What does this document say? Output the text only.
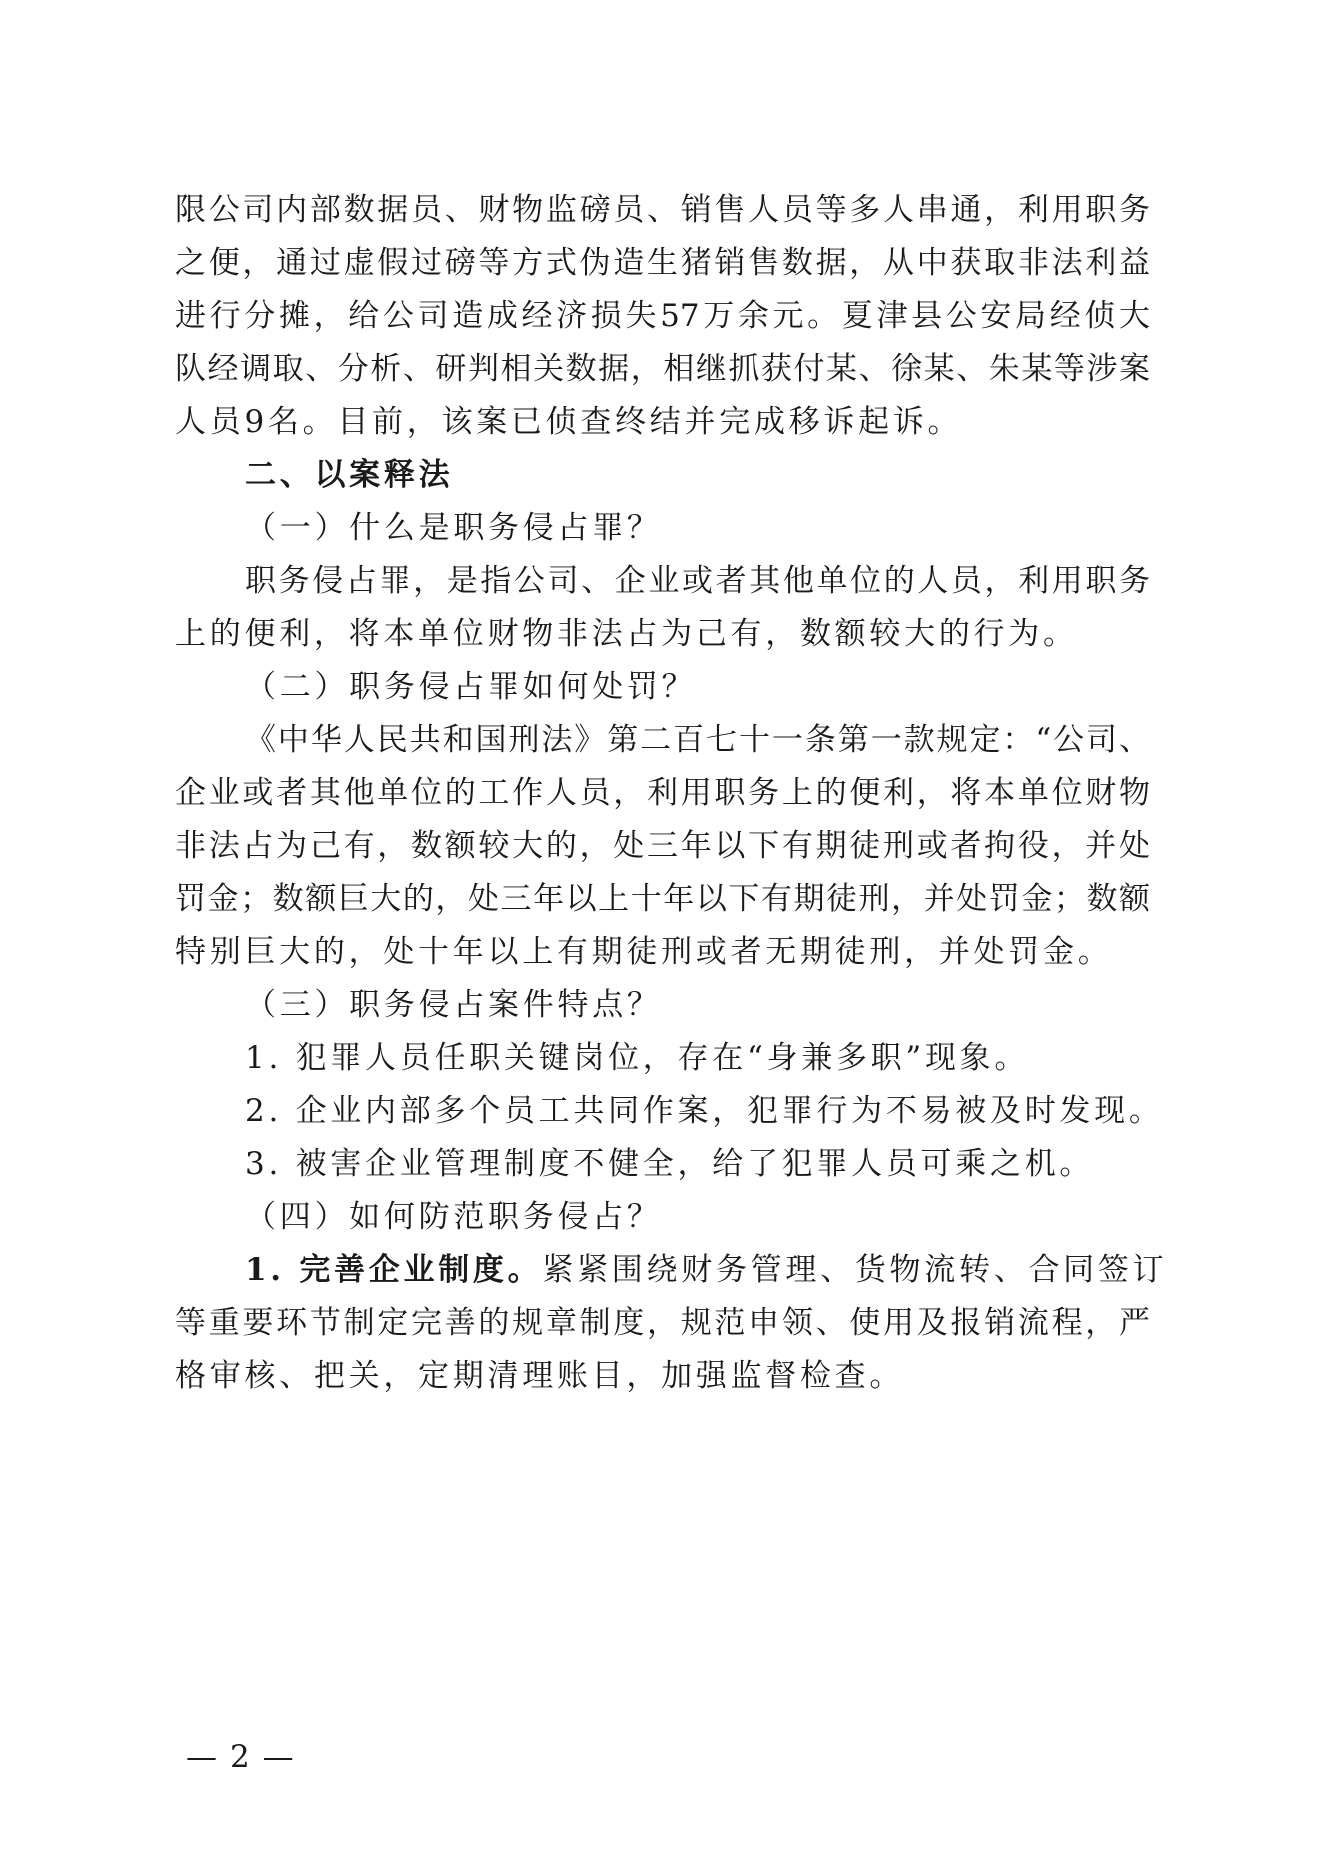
限公司内部数据员、财物监磅员、销售人员等多人串通，利用职务
之便，通过虚假过磅等方式伪造生猪销售数据，从中获取非法利益
进行分摊，给公司造成经济损失57万余元。夏津县公安局经侦大
队经调取、分析、研判相关数据，相继抓获付某、徐某、朱某等涉案
人员9名。目前，该案已侦查终结并完成移诉起诉。
二、以案释法
（一）什么是职务侵占罪？
职务侵占罪，是指公司、企业或者其他单位的人员，利用职务
上的便利，将本单位财物非法占为己有，数额较大的行为。
（二）职务侵占罪如何处罚？
《中华人民共和国刑法》第二百七十一条第一款规定：“公司、
企业或者其他单位的工作人员，利用职务上的便利，将本单位财物
非法占为己有，数额较大的，处三年以下有期徒刑或者拘役，并处
罚金；数额巨大的，处三年以上十年以下有期徒刑，并处罚金；数额
特别巨大的，处十年以上有期徒刑或者无期徒刑，并处罚金。
（三）职务侵占案件特点？
1. 犯罪人员任职关键岗位，存在“身兼多职”现象。
2. 企业内部多个员工共同作案，犯罪行为不易被及时发现。
3. 被害企业管理制度不健全，给了犯罪人员可乘之机。
（四）如何防范职务侵占？
1. 完善企业制度。紧紧围绕财务管理、货物流转、合同签订
等重要环节制定完善的规章制度，规范申领、使用及报销流程，严
格审核、把关，定期清理账目，加强监督检查。
— 2 —
